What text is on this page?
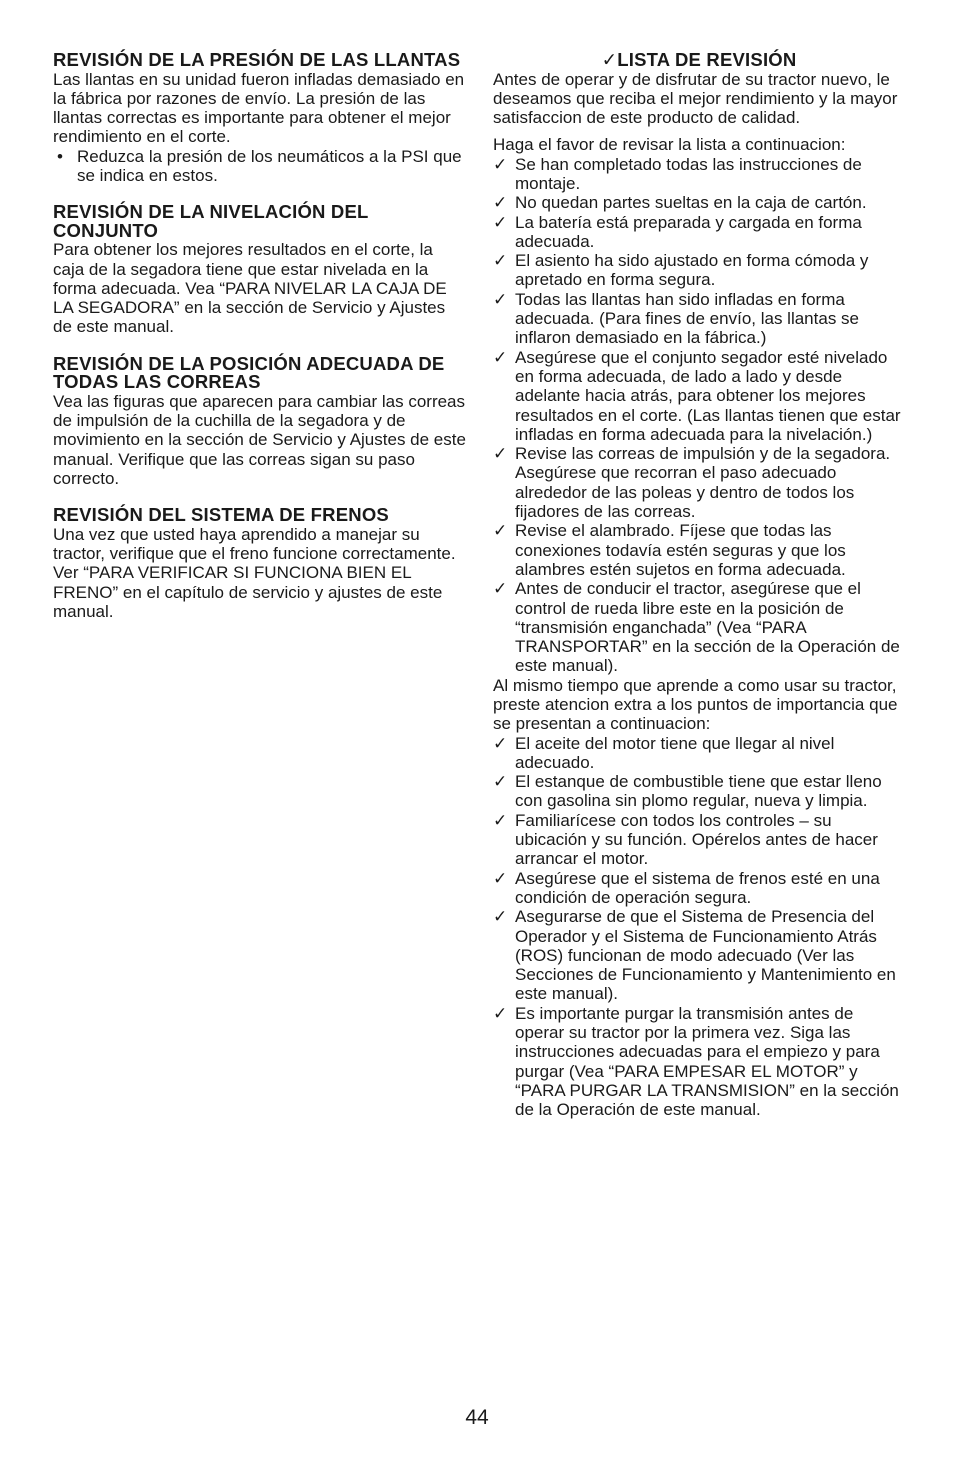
REVISIÓN DE LA PRESIÓN DE LAS LLANTAS

Las llantas en su unidad fueron infladas demasiado en la fábrica por razones de envío. La presión de las llantas correctas es importante para obtener el mejor rendimiento en el corte.

• Reduzca la presión de los neumáticos a la PSI que se indica en estos.
REVISIÓN DE LA NIVELACIÓN DEL CONJUNTO

Para obtener los mejores resultados en el corte, la caja de la segadora tiene que estar nivelada en la forma adecuada. Vea “PARA NIVELAR LA CAJA DE LA SEGADORA” en la sección de Servicio y Ajustes de este manual.

REVISIÓN DE LA POSICIÓN ADECUADA DE TODAS LAS CORREAS

Vea las figuras que aparecen para cambiar las correas de impulsión de la cuchilla de la segadora y de movimiento en la sección de Servicio y Ajustes de este manual. Verifique que las correas sigan su paso correcto.

REVISIÓN DEL SISTEMA DE FRENOS

Una vez que usted haya aprendido a manejar su tractor, verifique que el freno funcione correctamente. Ver “PARA VERIFICAR SI FUNCIONA BIEN EL FRENO” en el capítulo de servicio y ajustes de este manual.

✓LISTA DE REVISIÓN

Antes de operar y de disfrutar de su tractor nuevo, le deseamos que reciba el mejor rendimiento y la mayor satisfaccion de este producto de calidad.

Haga el favor de revisar la lista a continuacion:

✓ Se han completado todas las instrucciones de montaje.
✓ No quedan partes sueltas en la caja de cartón.
✓ La batería está preparada y cargada en forma adecuada.
✓ El asiento ha sido ajustado en forma cómoda y apretado en forma segura.
✓ Todas las llantas han sido infladas en forma adecuada. (Para fines de envío, las llantas se inflaron demasiado en la fábrica.)
✓ Asegúrese que el conjunto segador esté nivelado en forma adecuada, de lado a lado y desde adelante hacia atrás, para obtener los mejores resultados en el corte. (Las llantas tienen que estar infladas en forma adecuada para la nivelación.)
✓ Revise las correas de impulsión y de la segadora. Asegúrese que recorran el paso adecuado alrededor de las poleas y dentro de todos los fijadores de las correas.
✓ Revise el alambrado. Fíjese que todas las conexiones todavía estén seguras y que los alambres estén sujetos en forma adecuada.
✓ Antes de conducir el tractor, asegúrese que el control de rueda libre este en la posición de “transmisión enganchada” (Vea “PARA TRANSPORTAR” en la sección de la Operación de este manual).

Al mismo tiempo que aprende a como usar su tractor, preste atencion extra a los puntos de importancia que se presentan a continuacion:

✓ El aceite del motor tiene que llegar al nivel adecuado.
✓ El estanque de combustible tiene que estar lleno con gasolina sin plomo regular, nueva y limpia.
✓ Familiarícese con todos los controles – su ubicación y su función. Opérelos antes de hacer arrancar el motor.
✓ Asegúrese que el sistema de frenos esté en una condición de operación segura.
✓ Asegurarse de que el Sistema de Presencia del Operador y el Sistema de Funcionamiento Atrás (ROS) funcionan de modo adecuado (Ver las Secciones de Funcionamiento y Mantenimiento en este manual).
✓ Es importante purgar la transmisión antes de operar su tractor por la primera vez. Siga las instrucciones adecuadas para el empiezo y para purgar (Vea “PARA EMPESAR EL MOTOR” y “PARA PURGAR LA TRANSMISION” en la sección de la Operación de este manual.
44
